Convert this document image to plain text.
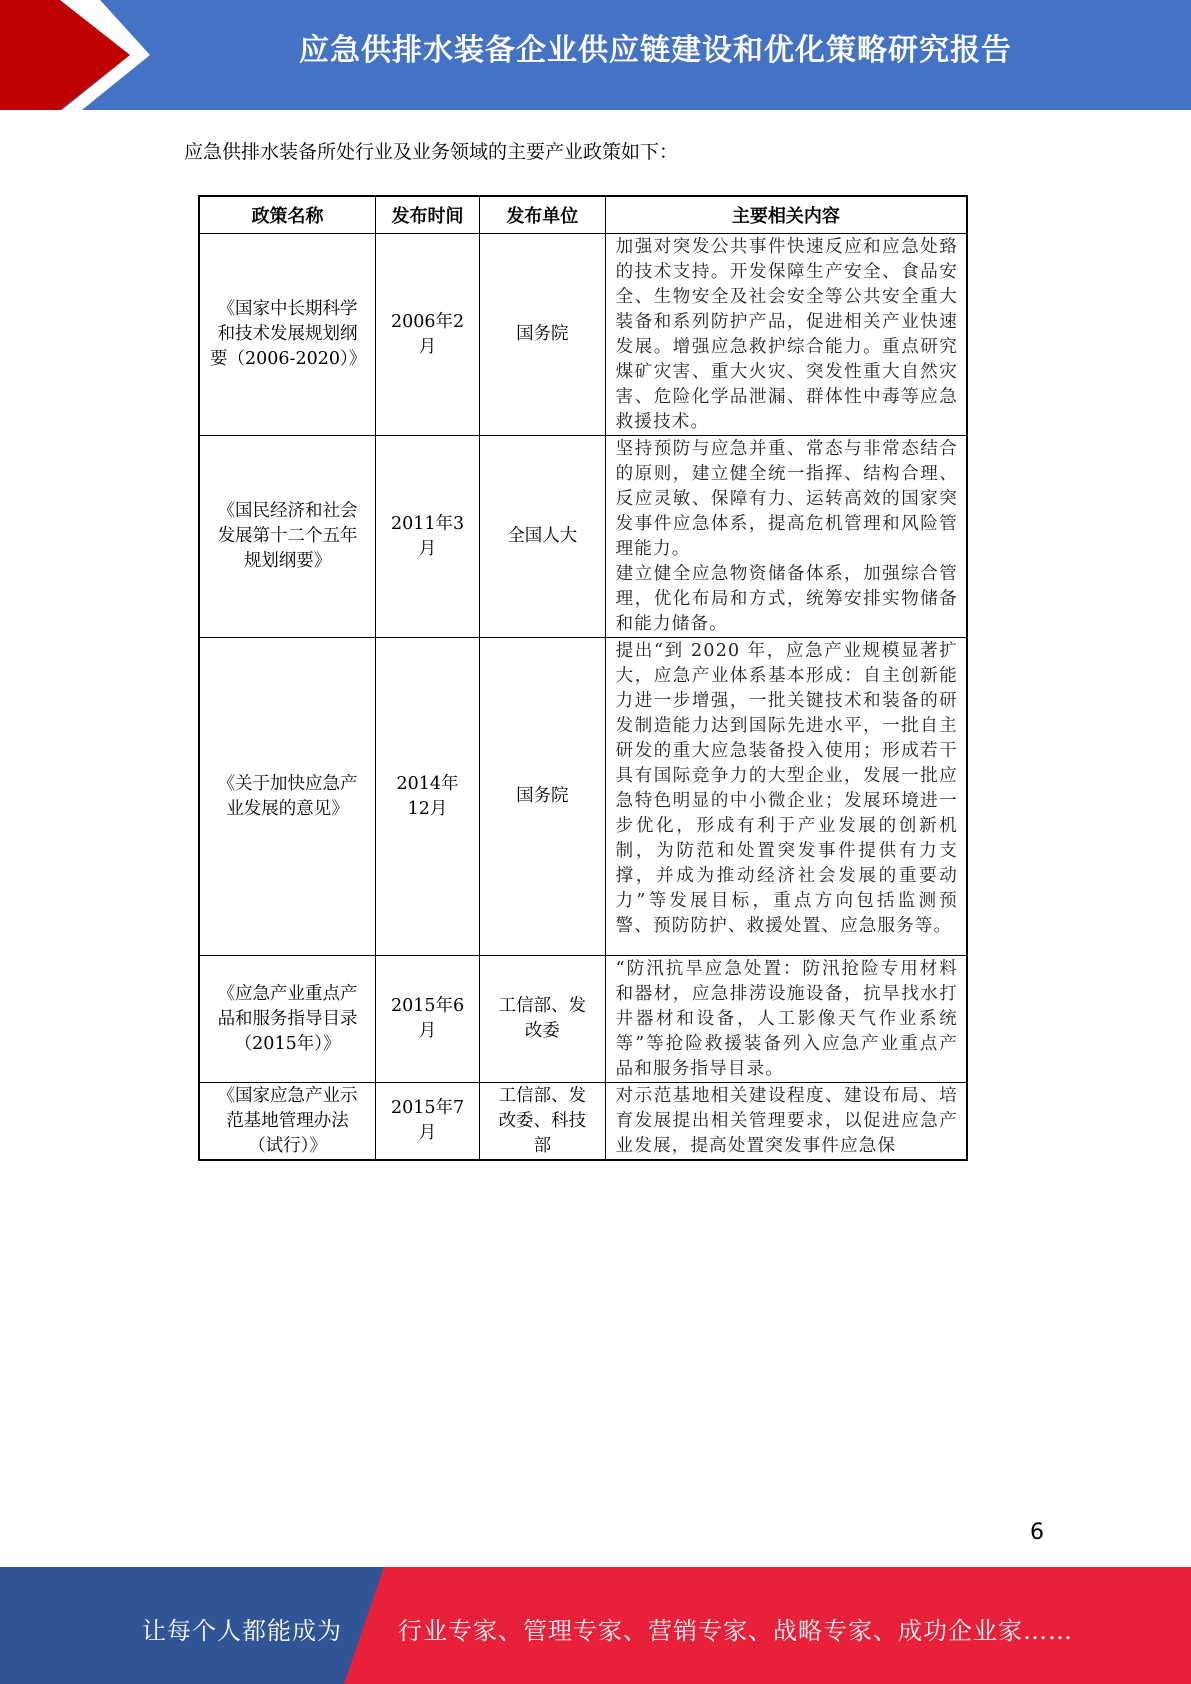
应急供排水装备企业供应链建设和优化策略研究报告
应急供排水装备所处行业及业务领域的主要产业政策如下：
政策名称	发布时间	发布单位	主要相关内容
《国家中长期科学和技术发展规划纲要（2006-2020）》	2006年2月	国务院	加强对突发公共事件快速反应和应急处臵的技术支持。开发保障生产安全、食品安全、生物安全及社会安全等公共安全重大装备和系列防护产品，促进相关产业快速发展。增强应急救护综合能力。重点研究煤矿灾害、重大火灾、突发性重大自然灾害、危险化学品泄漏、群体性中毒等应急救援技术。

《国民经济和社会发展第十二个五年规划纲要》	2011年3月	全国人大	坚持预防与应急并重、常态与非常态结合的原则，建立健全统一指挥、结构合理、反应灵敏、保障有力、运转高效的国家突发事件应急体系，提高危机管理和风险管理能力。

建立健全应急物资储备体系，加强综合管理，优化布局和方式，统筹安排实物储备和能力储备。

《关于加快应急产业发展的意见》	2014年12月	国务院	提出“到 2020 年，应急产业规模显著扩大，应急产业体系基本形成：自主创新能力进一步增强，一批关键技术和装备的研发制造能力达到国际先进水平，一批自主研发的重大应急装备投入使用；形成若干具有国际竞争力的大型企业，发展一批应急特色明显的中小微企业；发展环境进一步优化，形成有利于产业发展的创新机制，为防范和处置突发事件提供有力支撑，并成为推动经济社会发展的重要动力”等发展目标，重点方向包括监测预警、预防防护、救援处置、应急服务等。

《应急产业重点产品和服务指导目录（2015年）》	2015年6月	工信部、发改委	“防汛抗旱应急处置：防汛抢险专用材料和器材，应急排涝设施设备，抗旱找水打井器材和设备，人工影像天气作业系统等”等抢险救援装备列入应急产业重点产品和服务指导目录。

《国家应急产业示范基地管理办法（试行）》	2015年7月	工信部、发改委、科技部	对示范基地相关建设程度、建设布局、培育发展提出相关管理要求，以促进应急产业发展，提高处置突发事件应急保

6
让每个人都能成为 行业专家、管理专家、营销专家、战略专家、成功企业家……
